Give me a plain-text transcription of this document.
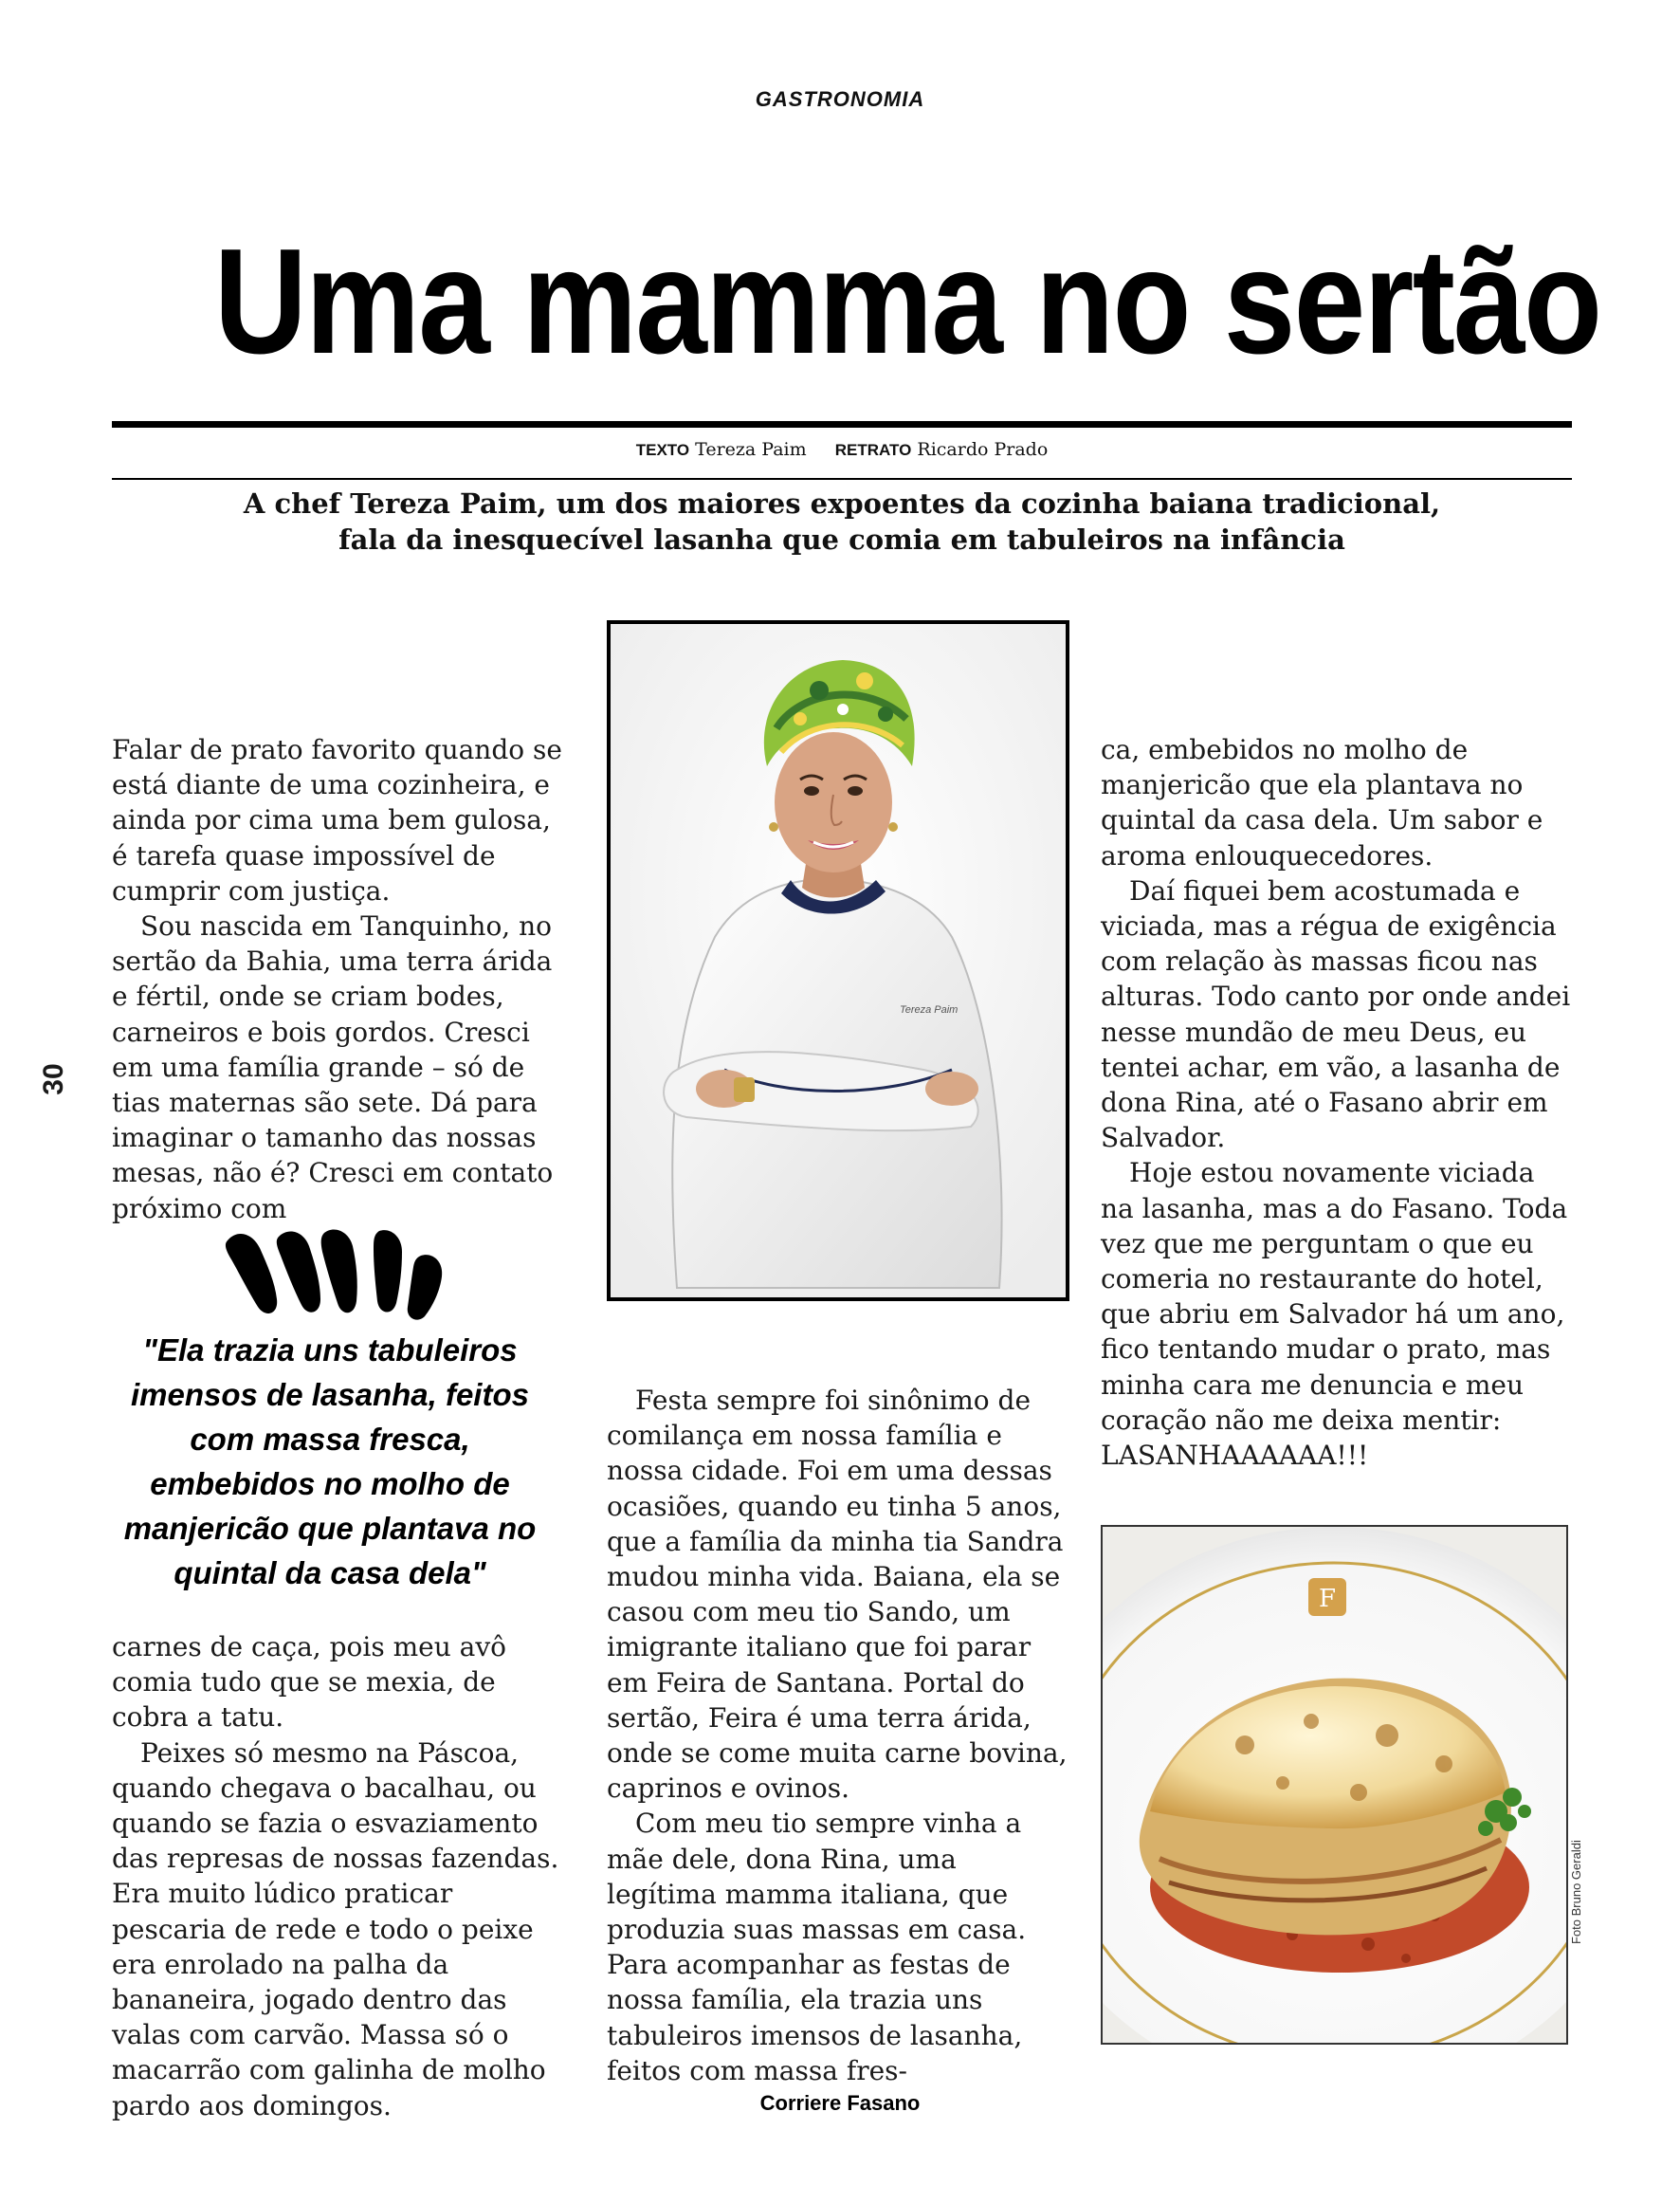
GASTRONOMIA
Uma mamma no sertão
TEXTO Tereza Paim RETRATO Ricardo Prado
A chef Tereza Paim, um dos maiores expoentes da cozinha baiana tradicional,
fala da inesquecível lasanha que comia em tabuleiros na infância
30

Falar de prato favorito quando se está diante de uma cozinheira, e ainda por cima uma bem gulosa, é tarefa quase impossível de cumprir com justiça.

Sou nascida em Tanquinho, no sertão da Bahia, uma terra árida e fértil, onde se criam bodes, carneiros e bois gordos. Cresci em uma família grande – só de tias maternas são sete. Dá para imaginar o tamanho das nossas mesas, não é? Cresci em contato próximo com

"Ela trazia uns tabuleiros imensos de lasanha, feitos com massa fresca, embebidos no molho de manjericão que plantava no quintal da casa dela"

carnes de caça, pois meu avô comia tudo que se mexia, de cobra a tatu.

Peixes só mesmo na Páscoa, quando chegava o bacalhau, ou quando se fazia o esvaziamento das represas de nossas fazendas. Era muito lúdico praticar pescaria de rede e todo o peixe era enrolado na palha da bananeira, jogado dentro das valas com carvão. Massa só o macarrão com galinha de molho pardo aos domingos.

Tereza Paim

Festa sempre foi sinônimo de comilança em nossa família e nossa cidade. Foi em uma dessas ocasiões, quando eu tinha 5 anos, que a família da minha tia Sandra mudou minha vida. Baiana, ela se casou com meu tio Sando, um imigrante italiano que foi parar em Feira de Santana. Portal do sertão, Feira é uma terra árida, onde se come muita carne bovina, caprinos e ovinos.

Com meu tio sempre vinha a mãe dele, dona Rina, uma legítima mamma italiana, que produzia suas massas em casa. Para acompanhar as festas de nossa família, ela trazia uns tabuleiros imensos de lasanha, feitos com massa fres-

ca, embebidos no molho de manjericão que ela plantava no quintal da casa dela. Um sabor e aroma enlouquecedores.

Daí fiquei bem acostumada e viciada, mas a régua de exigência com relação às massas ficou nas alturas. Todo canto por onde andei nesse mundão de meu Deus, eu tentei achar, em vão, a lasanha de dona Rina, até o Fasano abrir em Salvador.

Hoje estou novamente viciada na lasanha, mas a do Fasano. Toda vez que me perguntam o que eu comeria no restaurante do hotel, que abriu em Salvador há um ano, fico tentando mudar o prato, mas minha cara me denuncia e meu coração não me deixa mentir: LASANHAAAAAA!!!

F
Foto Bruno Geraldi
Corriere Fasano
